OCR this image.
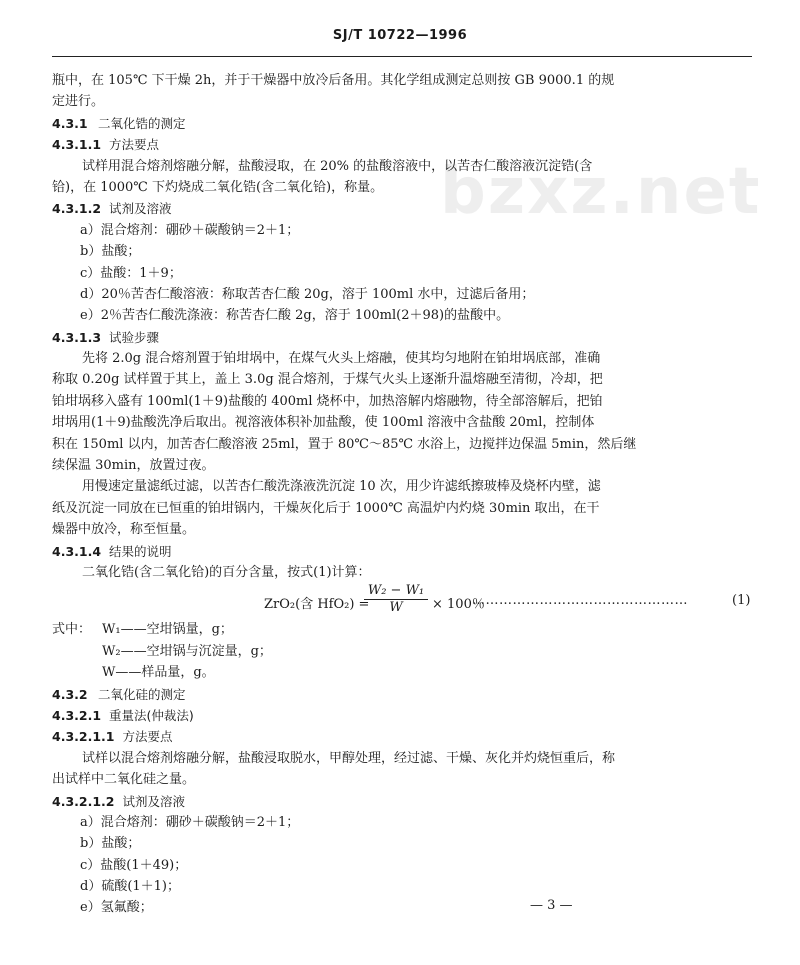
SJ/T 10722—1996
bzxz.net
瓶中，在 105℃ 下干燥 2h，并于干燥器中放冷后备用。其化学组成测定总则按 GB 9000.1 的规
定进行。
4.3.1 二氧化锆的测定
4.3.1.1 方法要点
试样用混合熔剂熔融分解，盐酸浸取，在 20% 的盐酸溶液中，以苦杏仁酸溶液沉淀锆(含
铪)，在 1000℃ 下灼烧成二氧化锆(含二氧化铪)，称量。
4.3.1.2 试剂及溶液
a）混合熔剂：硼砂＋碳酸钠＝2＋1；
b）盐酸；
c）盐酸：1＋9；
d）20％苦杏仁酸溶液：称取苦杏仁酸 20g，溶于 100ml 水中，过滤后备用；
e）2％苦杏仁酸洗涤液：称苦杏仁酸 2g，溶于 100ml(2＋98)的盐酸中。
4.3.1.3 试验步骤
先将 2.0g 混合熔剂置于铂坩埚中，在煤气火头上熔融，使其均匀地附在铂坩埚底部，准确
称取 0.20g 试样置于其上，盖上 3.0g 混合熔剂，于煤气火头上逐渐升温熔融至清彻，冷却，把
铂坩埚移入盛有 100ml(1＋9)盐酸的 400ml 烧杯中，加热溶解内熔融物，待全部溶解后，把铂
坩埚用(1＋9)盐酸洗净后取出。视溶液体积补加盐酸，使 100ml 溶液中含盐酸 20ml，控制体
积在 150ml 以内，加苦杏仁酸溶液 25ml，置于 80℃～85℃ 水浴上，边搅拌边保温 5min，然后继
续保温 30min，放置过夜。
用慢速定量滤纸过滤，以苦杏仁酸洗涤液洗沉淀 10 次，用少许滤纸擦玻棒及烧杯内壁，滤
纸及沉淀一同放在已恒重的铂坩锅内，干燥灰化后于 1000℃ 高温炉内灼烧 30min 取出，在干
燥器中放冷，称至恒量。
4.3.1.4 结果的说明
二氧化锆(含二氧化铪)的百分含量，按式(1)计算：
ZrO₂(含 HfO₂) =
$\frac{\text{W₂ − W₁}}{W} \times 100$％
…………………………………………	(1)
式中： W₁——空坩锅量，g；
W₂——空坩锅与沉淀量，g；
W——样品量，g。
4.3.2 二氧化硅的测定
4.3.2.1 重量法(仲裁法)
4.3.2.1.1 方法要点
试样以混合熔剂熔融分解，盐酸浸取脱水，甲醇处理，经过滤、干燥、灰化并灼烧恒重后，称
出试样中二氧化硅之量。
4.3.2.1.2 试剂及溶液
a）混合熔剂：硼砂＋碳酸钠＝2＋1；
b）盐酸；
c）盐酸(1＋49)；
d）硫酸(1＋1)；
e）氢氟酸；	— 3 —
